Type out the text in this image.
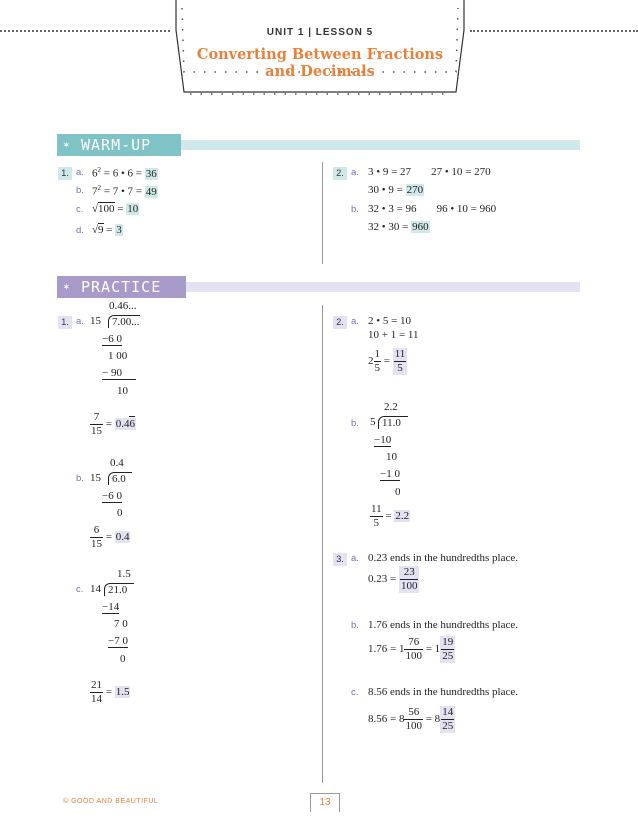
UNIT 1 | LESSON 5
Converting Between Fractions
and Decimals
✶ WARM-UP
1. a. $6^2 = 6$ • 6 = 36
b. $7^2 = 7$ • 7 = 49
c. √100 = 10
d. √9 = 3
2. a. 3 • 9 = 27 27 • 10 = 270
30 • 9 = 270
b. 32 • 3 = 96 96 • 10 = 960
32 • 30 = 960
✶ PRACTICE
1. a.
0.46...
15	7.00...
−6 0
1 00
− 90
10
$\frac{7}{15} = 0.46$
b.
0.4
15	6.0
−6 0
0
$\frac{6}{15} = 0.4$
c.
1.5
14 21.0
−14
7 0
−7 0
0
$\frac{21}{14} = 1.5$
2. a. 2 • 5 = 10
10 + 1 = 11
$2 \frac{1}{5} = \frac{11}{5}$
b.
2.2
5 11.0
−10
10
−1 0
0
$\frac{11}{5} = 2.2$
3. a. 0.23 ends in the hundredths place.
$0.23 = \frac{23}{100}$
b. 1.76 ends in the hundredths place.
$1.76 = 1 \frac{76}{100} = 1 \frac{19}{25}$
c. 8.56 ends in the hundredths place.
$8.56 = 8 \frac{56}{100} = 8 \frac{14}{25}$
© GOOD AND BEAUTIFUL	13
